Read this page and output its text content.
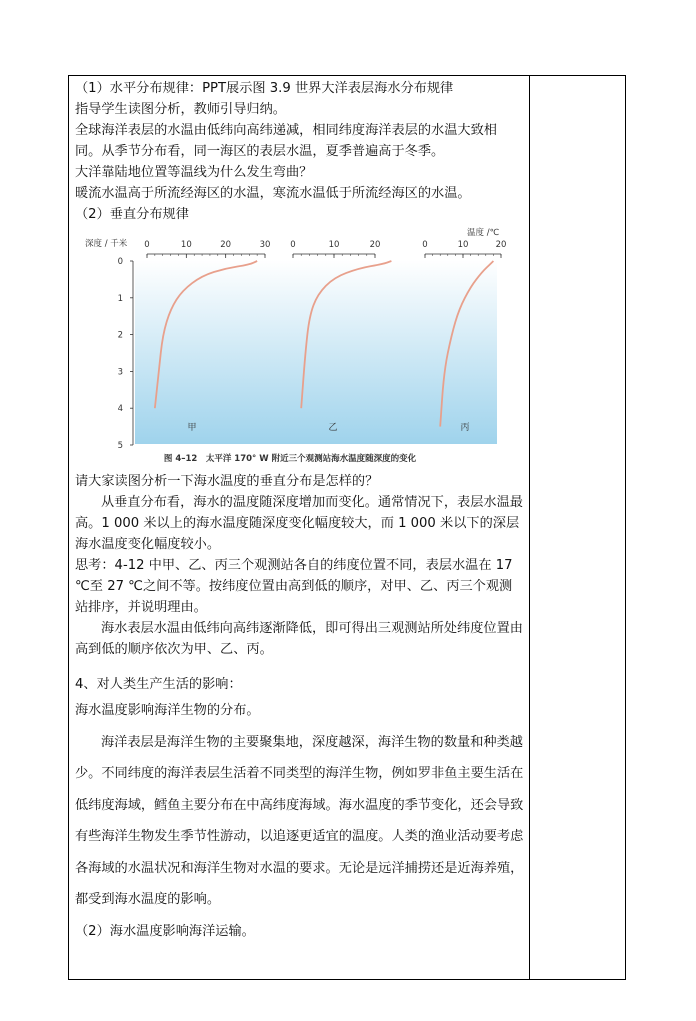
（1）水平分布规律：PPT展示图 3.9 世界大洋表层海水分布规律
指导学生读图分析，教师引导归纳。
全球海洋表层的水温由低纬向高纬递减，相同纬度海洋表层的水温大致相
同。从季节分布看，同一海区的表层水温，夏季普遍高于冬季。
大洋靠陆地位置等温线为什么发生弯曲？
暖流水温高于所流经海区的水温，寒流水温低于所流经海区的水温。
（2）垂直分布规律
深度 / 千米
温度 /℃
0
1
2
3
4
5
0	10	20	30
甲
0	10	20
乙
0	10	20
丙
图 4–12　太平洋 170° W 附近三个观测站海水温度随深度的变化
请大家读图分析一下海水温度的垂直分布是怎样的？
从垂直分布看，海水的温度随深度增加而变化。通常情况下，表层水温最高。1 000 米以上的海水温度随深度变化幅度较大，而 1 000 米以下的深层海水温度变化幅度较小。
思考：4-12 中甲、乙、丙三个观测站各自的纬度位置不同，表层水温在 17 ℃至 27 ℃之间不等。按纬度位置由高到低的顺序，对甲、乙、丙三个观测站排序，并说明理由。
海水表层水温由低纬向高纬逐渐降低，即可得出三观测站所处纬度位置由高到低的顺序依次为甲、乙、丙。
4、对人类生产生活的影响：
海水温度影响海洋生物的分布。
海洋表层是海洋生物的主要聚集地，深度越深，海洋生物的数量和种类越少。不同纬度的海洋表层生活着不同类型的海洋生物，例如罗非鱼主要生活在低纬度海域，鳕鱼主要分布在中高纬度海域。海水温度的季节变化，还会导致有些海洋生物发生季节性游动，以追逐更适宜的温度。人类的渔业活动要考虑各海域的水温状况和海洋生物对水温的要求。无论是远洋捕捞还是近海养殖，都受到海水温度的影响。
（2）海水温度影响海洋运输。
